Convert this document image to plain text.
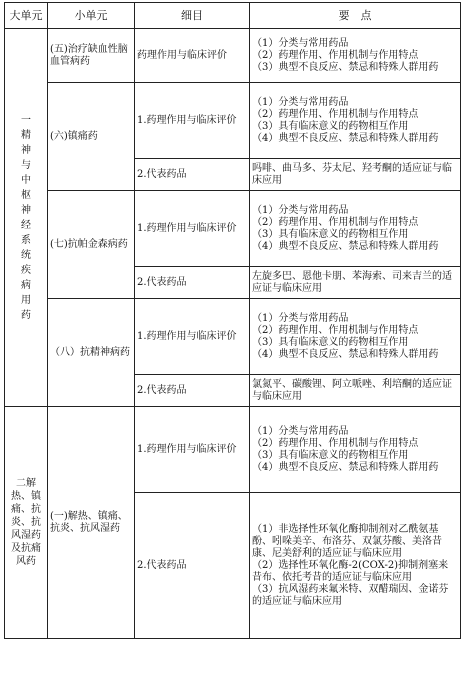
大单元	小单元	细目	要　点
一精神与中枢神经系统疾病用药	(五)治疗缺血性脑血管病药	药理作用与临床评价	（1）分类与常用药品
（2）药理作用、作用机制与作用特点
（3）典型不良反应、禁忌和特殊人群用药

	(六)镇痛药	1.药理作用与临床评价	（1）分类与常用药品
（2）药理作用、作用机制与作用特点
（3）具有临床意义的药物相互作用
（4）典型不良反应、禁忌和特殊人群用药

		2.代表药品	吗啡、曲马多、芬太尼、羟考酮的适应证与临床应用
	(七)抗帕金森病药	1.药理作用与临床评价	（1）分类与常用药品
（2）药理作用、作用机制与作用特点
（3）具有临床意义的药物相互作用
（4）典型不良反应、禁忌和特殊人群用药

		2.代表药品	左旋多巴、恩他卡朋、苯海索、司来吉兰的适应证与临床应用
	（八）抗精神病药	1.药理作用与临床评价	（1）分类与常用药品
（2）药理作用、作用机制与作用特点
（3）具有临床意义的药物相互作用
（4）典型不良反应、禁忌和特殊人群用药

		2.代表药品	氯氮平、碳酸锂、阿立哌唑、利培酮的适应证与临床应用
二解热、镇痛、抗炎、抗风湿药及抗痛风药	(一)解热、镇痛、抗炎、抗风湿药	1.药理作用与临床评价	（1）分类与常用药品
（2）药理作用、作用机制与作用特点
（3）具有临床意义的药物相互作用
（4）典型不良反应、禁忌和特殊人群用药

		2.代表药品	（1）非选择性环氧化酶抑制剂对乙酰氨基酚、吲哚美辛、布洛芬、双氯芬酸、美洛昔康、尼美舒利的适应证与临床应用
（2）选择性环氧化酶-2(COX-2)抑制剂塞来昔布、依托考昔的适应证与临床应用
（3）抗风湿药来氟米特、双醋瑞因、金诺芬的适应证与临床应用
